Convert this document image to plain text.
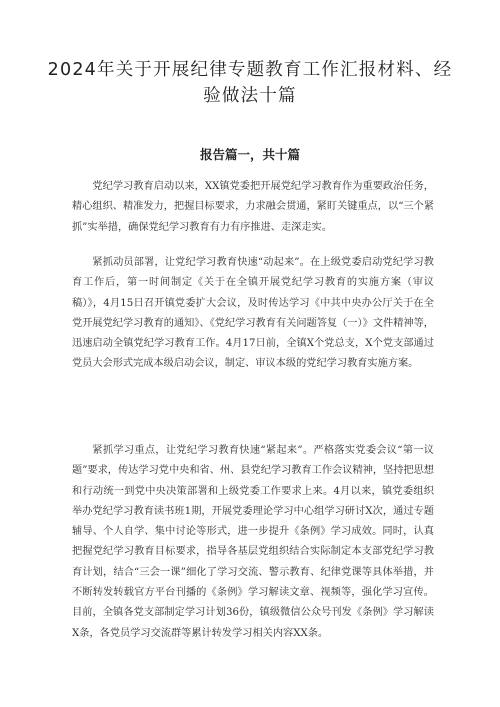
2024年关于开展纪律专题教育工作汇报材料、经验做法十篇
报告篇一，共十篇

党纪学习教育启动以来，XX镇党委把开展党纪学习教育作为重要政治任务，精心组织、精准发力，把握目标要求，力求融会贯通，紧盯关键重点，以“三个紧抓”实举措，确保党纪学习教育有力有序推进、走深走实。

紧抓动员部署，让党纪学习教育快速“动起来”。在上级党委启动党纪学习教育工作后，第一时间制定《关于在全镇开展党纪学习教育的实施方案（审议稿）》，4月15日召开镇党委扩大会议，及时传达学习《中共中央办公厅关于在全党开展党纪学习教育的通知》、《党纪学习教育有关问题答复（一）》文件精神等，迅速启动全镇党纪学习教育工作。4月17日前，全镇X个党总支，X个党支部通过党员大会形式完成本级启动会议，制定、审议本级的党纪学习教育实施方案。

紧抓学习重点，让党纪学习教育快速“紧起来”。严格落实党委会议“第一议题”要求，传达学习党中央和省、州、县党纪学习教育工作会议精神，坚持把思想和行动统一到党中央决策部署和上级党委工作要求上来。4月以来，镇党委组织举办党纪学习教育读书班1期，开展党委理论学习中心组学习研讨X次，通过专题辅导、个人自学、集中讨论等形式，进一步提升《条例》学习成效。同时，认真把握党纪学习教育目标要求，指导各基层党组织结合实际制定本支部党纪学习教育计划，结合“三会一课”细化了学习交流、警示教育、纪律党课等具体举措，并不断转发转载官方平台刊播的《条例》学习解读文章、视频等，强化学习宣传。目前，全镇各党支部制定学习计划36份，镇级微信公众号刊发《条例》学习解读X条，各党员学习交流群等累计转发学习相关内容XX条。
